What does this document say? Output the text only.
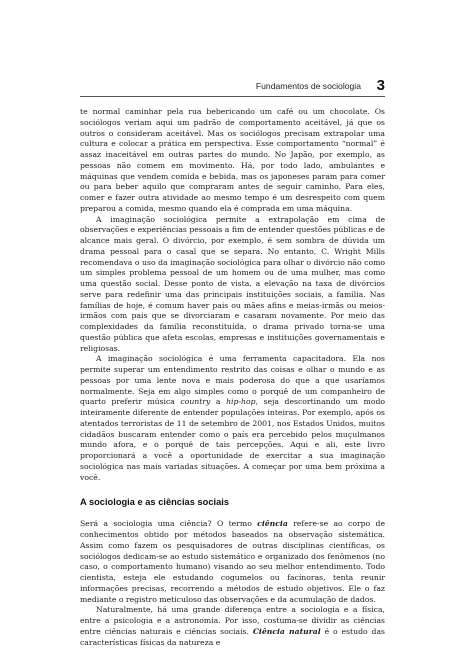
Fundamentos de sociologia 3

te normal caminhar pela rua bebericando um café ou um chocolate. Os sociólogos veriam aqui um padrão de comportamento aceitável, já que os outros o consideram aceitável. Mas os sociólogos precisam extrapolar uma cultura e colocar a prática em perspectiva. Esse comportamento “normal” é assaz inaceitável em outras partes do mundo. No Japão, por exemplo, as pessoas não comem em movimento. Há, por todo lado, ambulantes e máquinas que vendem comida e bebida, mas os japoneses param para comer ou para beber aquilo que compraram antes de seguir caminho. Para eles, comer e fazer outra atividade ao mesmo tempo é um desrespeito com quem preparou a comida, mesmo quando ela é comprada em uma máquina.

A imaginação sociológica permite a extrapolação em cima de observações e experiências pessoais a fim de entender questões públicas e de alcance mais geral. O divórcio, por exemplo, é sem sombra de dúvida um drama pessoal para o casal que se separa. No entanto, C. Wright Mills recomendava o uso da imaginação sociológica para olhar o divórcio não como um simples problema pessoal de um homem ou de uma mulher, mas como uma questão social. Desse ponto de vista, a elevação na taxa de divórcios serve para redefinir uma das principais instituições sociais, a família. Nas famílias de hoje, é comum haver pais ou mães afins e meias-irmãs ou meios-irmãos com pais que se divorciaram e casaram novamente. Por meio das complexidades da família reconstituída, o drama privado torna-se uma questão pública que afeta escolas, empresas e instituições governamentais e religiosas.

A imaginação sociológica é uma ferramenta capacitadora. Ela nos permite superar um entendimento restrito das coisas e olhar o mundo e as pessoas por uma lente nova e mais poderosa do que a que usaríamos normalmente. Seja em algo simples como o porquê de um companheiro de quarto preferir música country a hip-hop, seja descortinando um modo inteiramente diferente de entender populações inteiras. Por exemplo, após os atentados terroristas de 11 de setembro de 2001, nos Estados Unidos, muitos cidadãos buscaram entender como o país era percebido pelos muçulmanos mundo afora, e o porquê de tais percepções. Aqui e ali, este livro proporcionará a você a oportunidade de exercitar a sua imaginação sociológica nas mais variadas situações. A começar por uma bem próxima a você.

A sociologia e as ciências sociais

Será a sociologia uma ciência? O termo ciência refere-se ao corpo de conhecimentos obtido por métodos baseados na observação sistemática. Assim como fazem os pesquisadores de outras disciplinas científicas, os sociólogos dedicam-se ao estudo sistemático e organizado dos fenômenos (no caso, o comportamento humano) visando ao seu melhor entendimento. Todo cientista, esteja ele estudando cogumelos ou facínoras, tenta reunir informações precisas, recorrendo a métodos de estudo objetivos. Ele o faz mediante o registro meticuloso das observações e da acumulação de dados.

Naturalmente, há uma grande diferença entre a sociologia e a física, entre a psicologia e a astronomia. Por isso, costuma-se dividir as ciências entre ciências naturais e ciências sociais. Ciência natural é o estudo das características físicas da natureza e
